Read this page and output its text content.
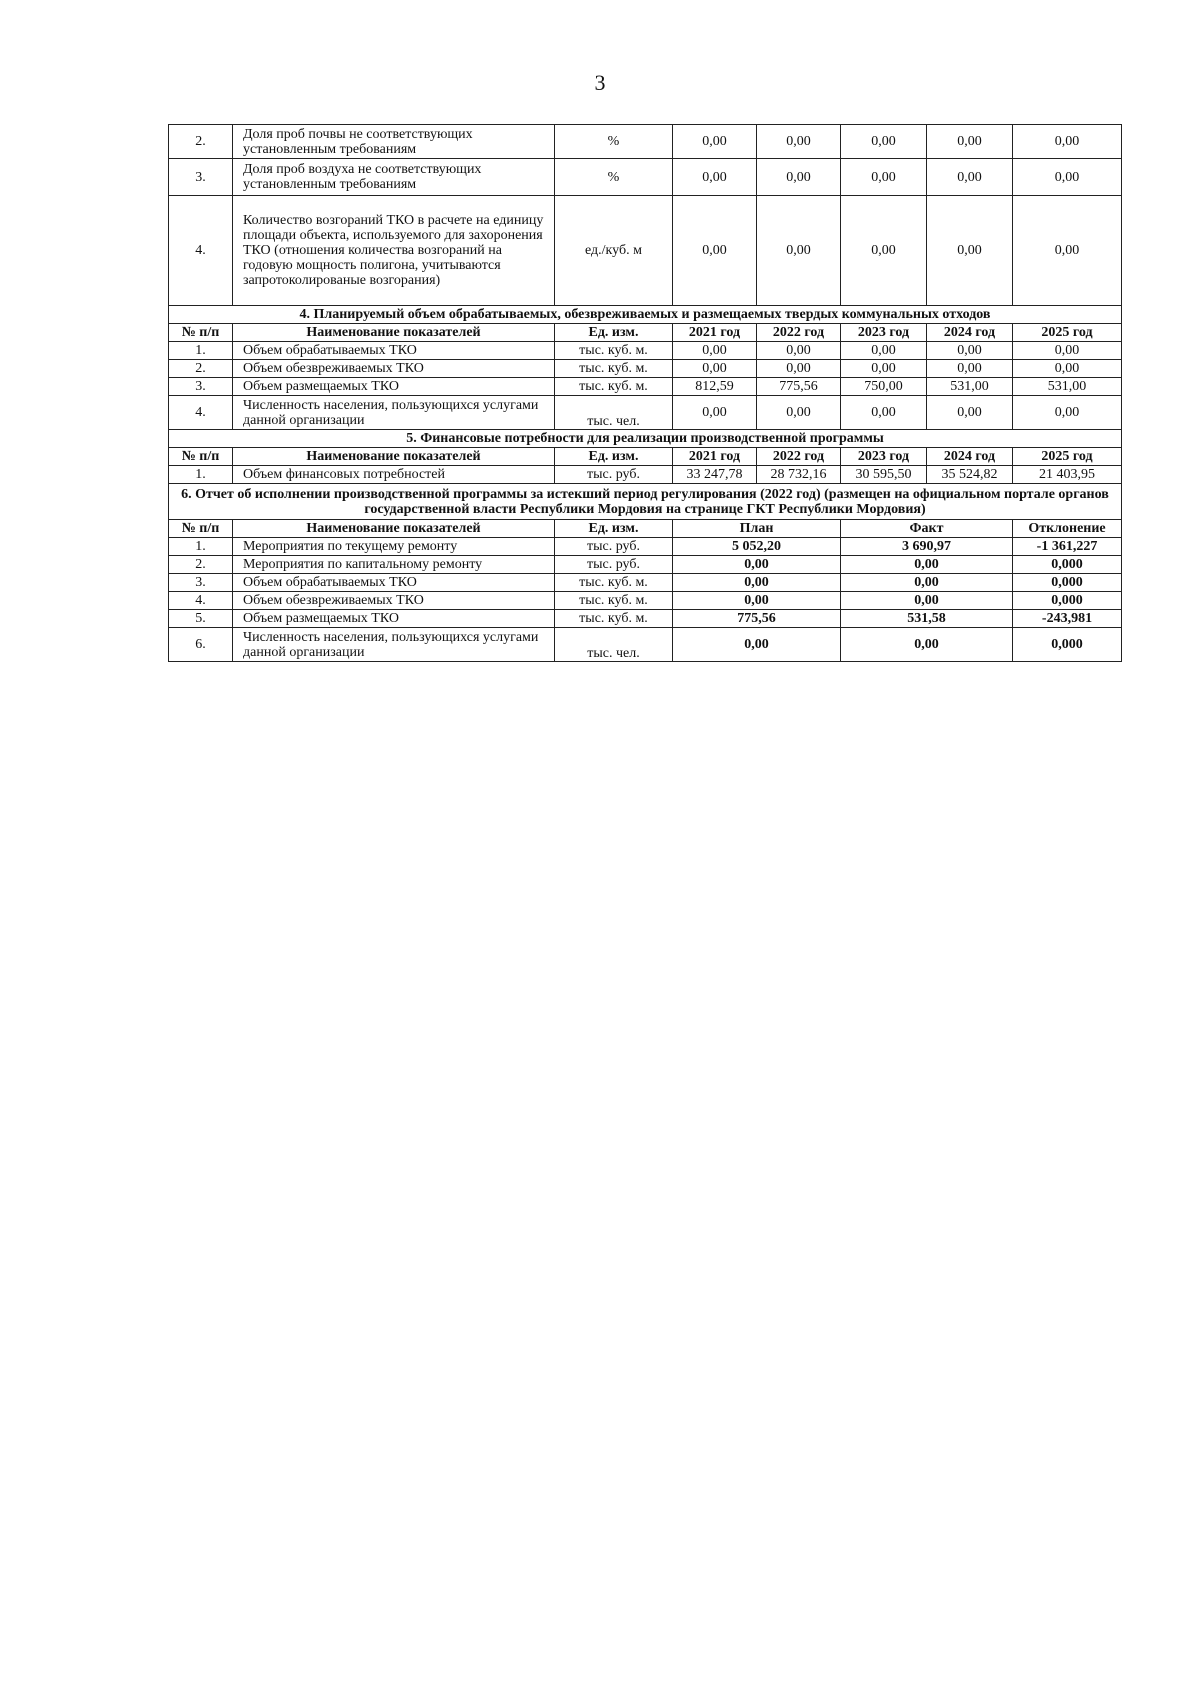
3
2.	Доля проб почвы не соответствующих установленным требованиям	%	0,00	0,00	0,00	0,00	0,00
3.	Доля проб воздуха не соответствующих установленным требованиям	%	0,00	0,00	0,00	0,00	0,00
4.	Количество возгораний ТКО в расчете на единицу площади объекта, используемого для захоронения ТКО (отношения количества возгораний на годовую мощность полигона, учитываются запротоколированые возгорания)	ед./куб. м	0,00	0,00	0,00	0,00	0,00
4. Планируемый объем обрабатываемых, обезвреживаемых и размещаемых твердых коммунальных отходов							
№ п/п	Наименование показателей	Ед. изм.	2021 год	2022 год	2023 год	2024 год	2025 год
1.	Объем обрабатываемых ТКО	тыс. куб. м.	0,00	0,00	0,00	0,00	0,00
2.	Объем обезвреживаемых ТКО	тыс. куб. м.	0,00	0,00	0,00	0,00	0,00
3.	Объем размещаемых ТКО	тыс. куб. м.	812,59	775,56	750,00	531,00	531,00
4.	Численность населения, пользующихся услугами данной организации	тыс. чел.	0,00	0,00	0,00	0,00	0,00
5. Финансовые потребности для реализации производственной программы							
№ п/п	Наименование показателей	Ед. изм.	2021 год	2022 год	2023 год	2024 год	2025 год
1.	Объем финансовых потребностей	тыс. руб.	33 247,78	28 732,16	30 595,50	35 524,82	21 403,95
6. Отчет об исполнении производственной программы за истекший период регулирования (2022 год) (размещен на официальном портале органов государственной власти Республики Мордовия на странице ГКТ Республики Мордовия)							
№ п/п	Наименование показателей	Ед. изм.	План		Факт		Отклонение
1.	Мероприятия по текущему ремонту	тыс. руб.	5 052,20		3 690,97		-1 361,227
2.	Мероприятия по капитальному ремонту	тыс. руб.	0,00		0,00		0,000
3.	Объем обрабатываемых ТКО	тыс. куб. м.	0,00		0,00		0,000
4.	Объем обезвреживаемых ТКО	тыс. куб. м.	0,00		0,00		0,000
5.	Объем размещаемых ТКО	тыс. куб. м.	775,56		531,58		-243,981
6.	Численность населения, пользующихся услугами данной организации	тыс. чел.	0,00		0,00		0,000
